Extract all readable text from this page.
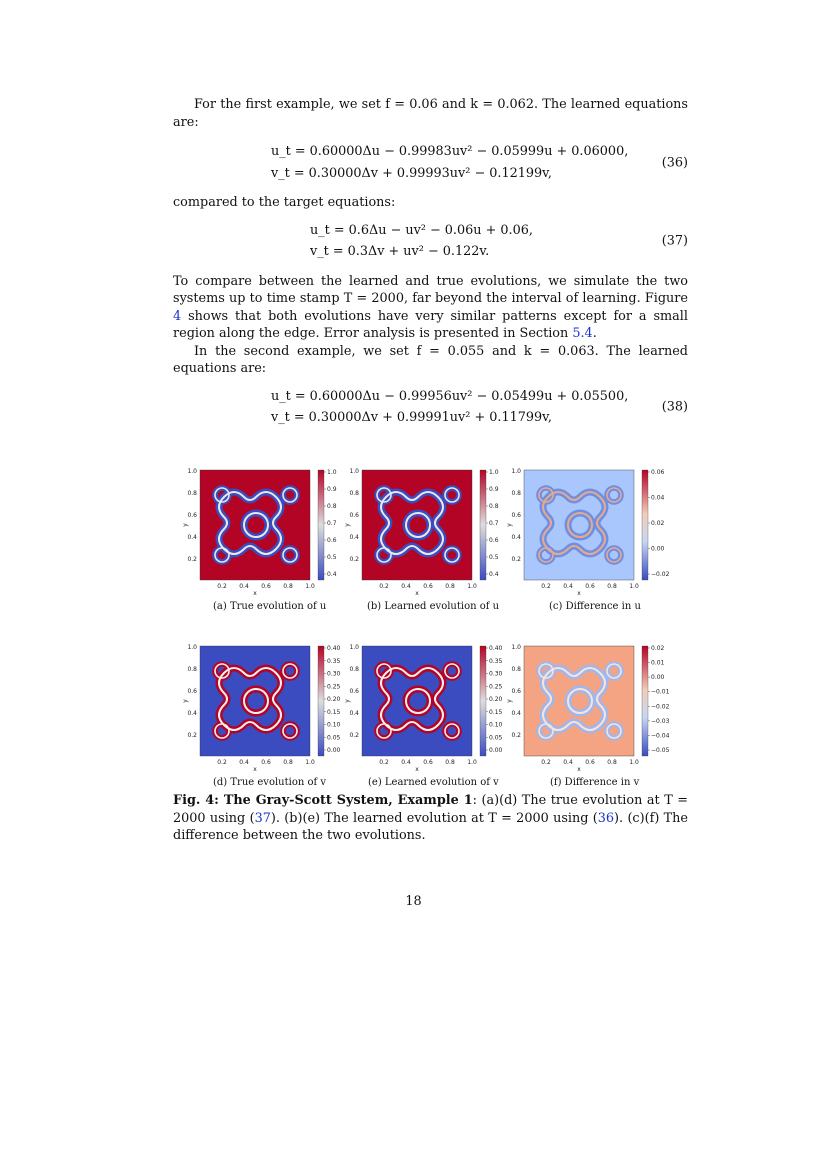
For the first example, we set f = 0.06 and k = 0.062. The learned equations are:

u_t = 0.60000Δu − 0.99983uv² − 0.05999u + 0.06000,
v_t = 0.30000Δv + 0.99993uv² − 0.12199v,
(36)

compared to the target equations:

u_t = 0.6Δu − uv² − 0.06u + 0.06,
v_t = 0.3Δv + uv² − 0.122v.
(37)

To compare between the learned and true evolutions, we simulate the two systems up to time stamp T = 2000, far beyond the interval of learning. Figure 4 shows that both evolutions have very similar patterns except for a small region along the edge. Error analysis is presented in Section 5.4.

In the second example, we set f = 0.055 and k = 0.063. The learned equations are:

u_t = 0.60000Δu − 0.99956uv² − 0.05499u + 0.05500,
v_t = 0.30000Δv + 0.99991uv² + 0.11799v,
(38)
1.0
0.8
0.6
0.4
0.2
0.2 0.4 0.6 0.8 1.0
x
y
1.0
0.9
0.8
0.7
0.6
0.5
0.4
(a) True evolution of u
1.0
0.8
0.6
0.4
0.2
0.2 0.4 0.6 0.8 1.0
x
y
1.0
0.9
0.8
0.7
0.6
0.5
0.4
(b) Learned evolution of u
1.0
0.8
0.6
0.4
0.2
0.2 0.4 0.6 0.8 1.0
x
y
0.06
0.04
0.02
0.00
−0.02
(c) Difference in u
1.0
0.8
0.6
0.4
0.2
0.2 0.4 0.6 0.8 1.0
x
y
0.40
0.35
0.30
0.25
0.20
0.15
0.10
0.05
0.00
(d) True evolution of v
1.0
0.8
0.6
0.4
0.2
0.2 0.4 0.6 0.8 1.0
x
y
0.40
0.35
0.30
0.25
0.20
0.15
0.10
0.05
0.00
(e) Learned evolution of v
1.0
0.8
0.6
0.4
0.2
0.2 0.4 0.6 0.8 1.0
x
y
0.02
0.01
0.00
−0.01
−0.02
−0.03
−0.04
−0.05
(f) Difference in v
Fig. 4: The Gray-Scott System, Example 1: (a)(d) The true evolution at T = 2000 using (37). (b)(e) The learned evolution at T = 2000 using (36). (c)(f) The difference between the two evolutions.
18
